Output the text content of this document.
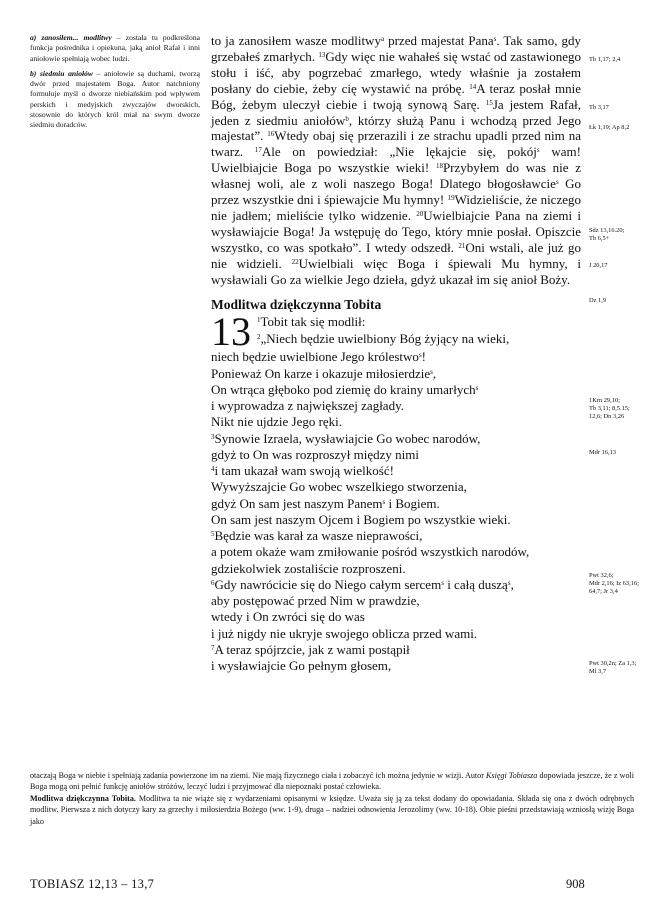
a) zanosiłem... modlitwy – została tu podkreślona funkcja pośrednika i opiekuna, jaką anioł Rafał i inni aniołowie spełniają wobec ludzi.

b) siedmiu aniołów – aniołowie są duchami, tworzą dwór przed majestatem Boga. Autor natchniony formułuje myśl o dworze niebiańskim pod wpływem perskich i medyjskich zwyczajów dworskich, stosownie do których król miał na swym dworze siedmiu doradców.

to ja zanosiłem wasze modlitwy$^a$ przed majestat Pana$^s$. Tak samo, gdy grzebałeś zmarłych. $^{13}$Gdy więc nie wahałeś się wstać od zastawionego stołu i iść, aby pogrzebać zmarłego, wtedy właśnie ja zostałem posłany do ciebie, żeby cię wystawić na próbę. $^{14}$A teraz posłał mnie Bóg, żebym uleczył ciebie i twoją synową Sarę. $^{15}$Ja jestem Rafał, jeden z siedmiu aniołów$^b$, którzy służą Panu i wchodzą przed Jego majestat”. $^{16}$Wtedy obaj się przerazili i ze strachu upadli przed nim na twarz. $^{17}$Ale on powiedział: „Nie lękajcie się, pokój$^s$ wam! Uwielbiajcie Boga po wszystkie wieki! $^{18}$Przybyłem do was nie z własnej woli, ale z woli naszego Boga! Dlatego błogosławcie$^s$ Go przez wszystkie dni i śpiewajcie Mu hymny! $^{19}$Widzieliście, że niczego nie jadłem; mieliście tylko widzenie. $^{20}$Uwielbiajcie Pana na ziemi i wysławiajcie Boga! Ja wstępuję do Tego, który mnie posłał. Opiszcie wszystko, co was spotkało”. I wtedy odszedł. $^{21}$Oni wstali, ale już go nie widzieli. $^{22}$Uwielbiali więc Boga i śpiewali Mu hymny, i wysławiali Go za wielkie Jego dzieła, gdyż ukazał im się anioł Boży.

Modlitwa dziękczynna Tobita

13 $^1$Tobit tak się modlił:

$^2$„Niech będzie uwielbiony Bóg żyjący na wieki,

niech będzie uwielbione Jego królestwo$^s$!

Ponieważ On karze i okazuje miłosierdzie$^s$,

On wtrąca głęboko pod ziemię do krainy umarłych$^s$

i wyprowadza z największej zagłady.

Nikt nie ujdzie Jego ręki.

$^3$Synowie Izraela, wysławiajcie Go wobec narodów,

gdyż to On was rozproszył między nimi

$^4$i tam ukazał wam swoją wielkość!

Wywyższajcie Go wobec wszelkiego stworzenia,

gdyż On sam jest naszym Panem$^s$ i Bogiem.

On sam jest naszym Ojcem i Bogiem po wszystkie wieki.

$^5$Będzie was karał za wasze nieprawości,

a potem okaże wam zmiłowanie pośród wszystkich narodów,

gdziekolwiek zostaliście rozproszeni.

$^6$Gdy nawrócicie się do Niego całym sercem$^s$ i całą duszą$^s$,

aby postępować przed Nim w prawdzie,

wtedy i On zwróci się do was

i już nigdy nie ukryje swojego oblicza przed wami.

$^7$A teraz spójrzcie, jak z wami postąpił

i wysławiajcie Go pełnym głosem,

Tb 1,17; 2,4
Tb 3,17
Łk 1,19; Ap 8,2
Sdz 13,16.20;
Tb 6,5+
J 20,17
Dz 1,9
1Krn 29,10;
Tb 3,11; 8,5.15;
12,6; Dn 3,26
Mdr 16,13
Pwt 32,6;
Mdr 2,16; Iz 63,16;
64,7; Jr 3,4
Pwt 30,2n; Za 1,3;
Ml 3,7

otaczają Boga w niebie i spełniają zadania powierzone im na ziemi. Nie mają fizycznego ciała i zobaczyć ich można jedynie w wizji. Autor Księgi Tobiasza dopowiada jeszcze, że z woli Boga mogą oni pełnić funkcję aniołów stróżów, leczyć ludzi i przyjmować dla niepoznaki postać człowieka.

Modlitwa dziękczynna Tobita. Modlitwa ta nie wiąże się z wydarzeniami opisanymi w księdze. Uważa się ją za tekst dodany do opowiadania. Składa się ona z dwóch odrębnych modlitw. Pierwsza z nich dotyczy kary za grzechy i miłosierdzia Bożego (ww. 1-9), druga – nadziei odnowienia Jerozolimy (ww. 10-18). Obie pieśni przedstawiają wzniosłą wizję Boga jako

TOBIASZ 12,13 – 13,7	908
